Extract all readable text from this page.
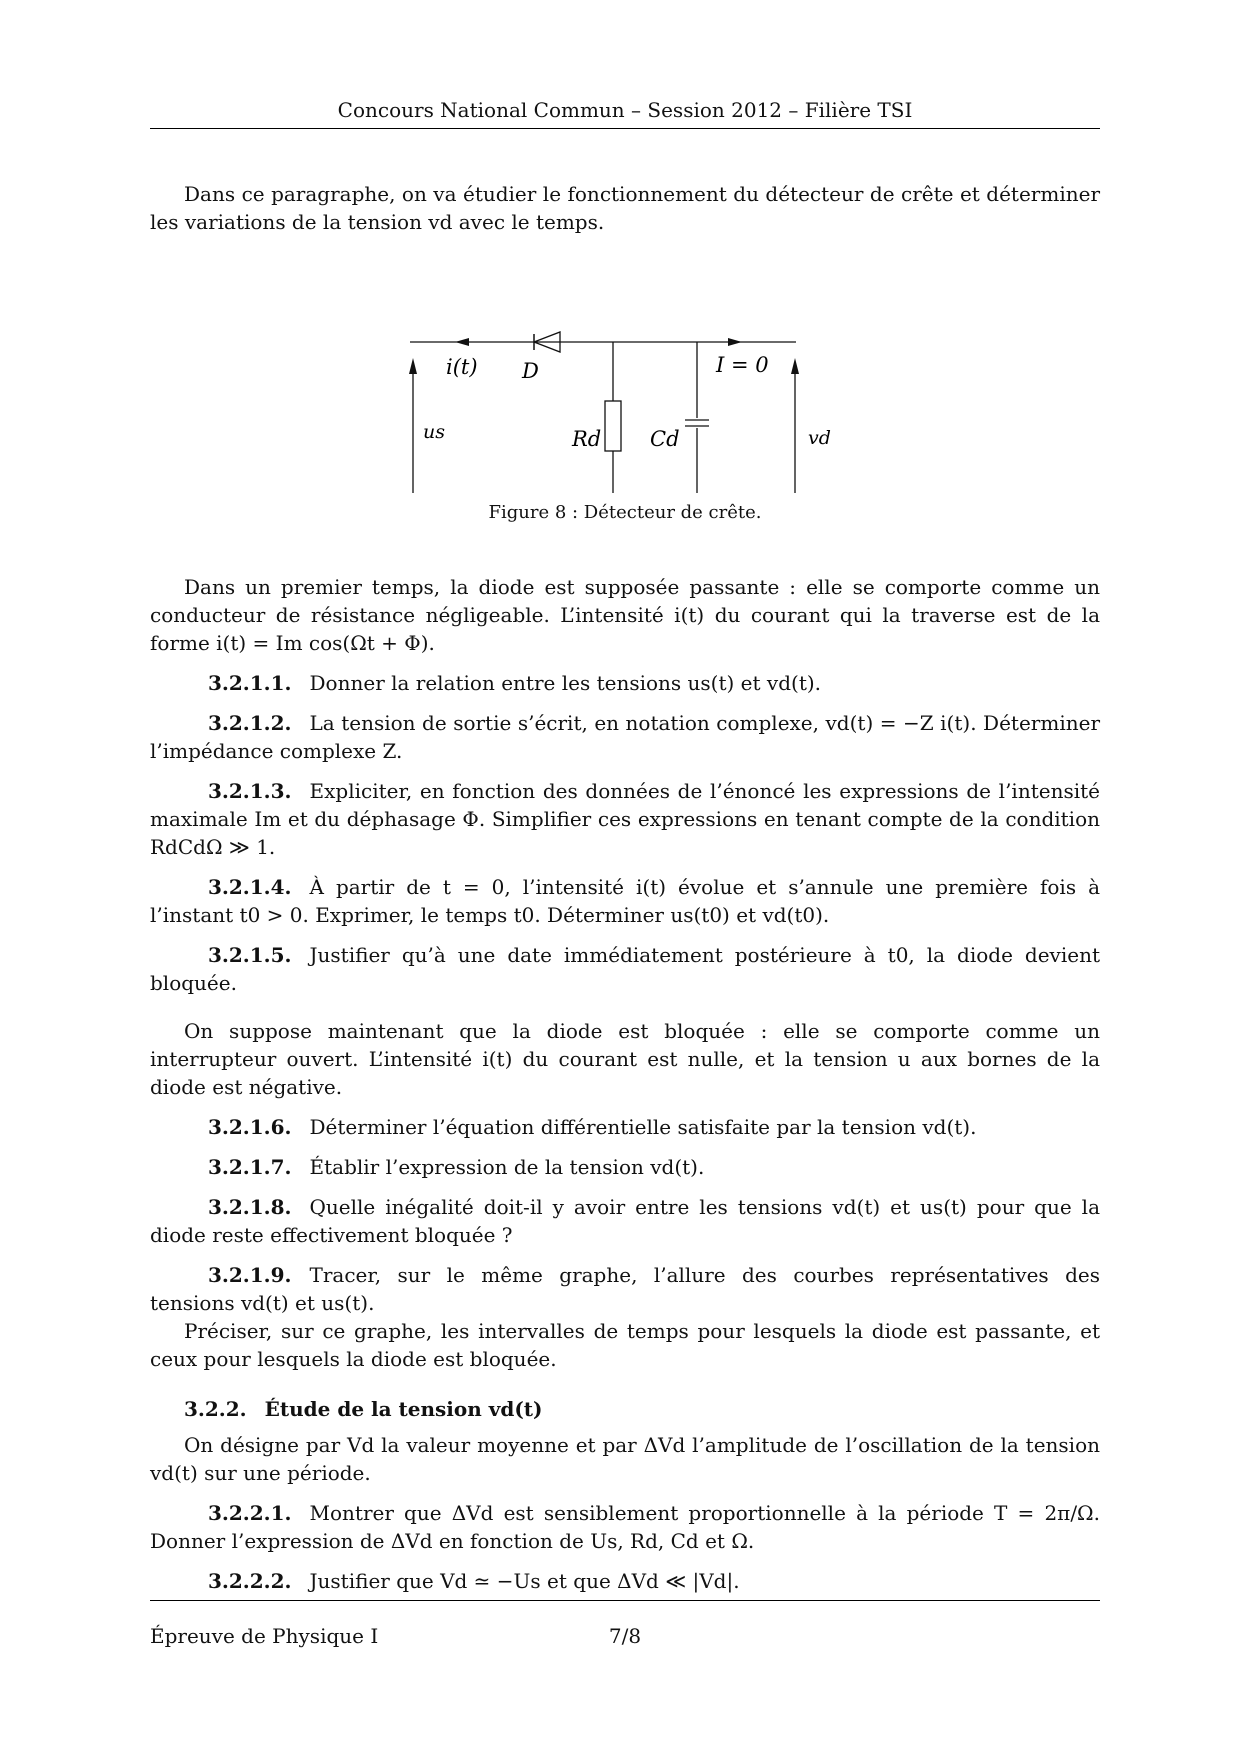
Concours National Commun – Session 2012 – Filière TSI

Dans ce paragraphe, on va étudier le fonctionnement du détecteur de crête et déterminer les variations de la tension vd avec le temps.

i(t) D	I = 0
us	Rd Cd	vd

Figure 8 : Détecteur de crête.

Dans un premier temps, la diode est supposée passante : elle se comporte comme un conducteur de résistance négligeable. L’intensité i(t) du courant qui la traverse est de la forme i(t) = Im cos(Ωt + Φ).

3.2.1.1. Donner la relation entre les tensions us(t) et vd(t).

3.2.1.2. La tension de sortie s’écrit, en notation complexe, vd(t) = −Z i(t). Déterminer l’impédance complexe Z.

3.2.1.3. Expliciter, en fonction des données de l’énoncé les expressions de l’intensité maximale Im et du déphasage Φ. Simplifier ces expressions en tenant compte de la condition RdCdΩ ≫ 1.

3.2.1.4. À partir de t = 0, l’intensité i(t) évolue et s’annule une première fois à l’instant t0 > 0. Exprimer, le temps t0. Déterminer us(t0) et vd(t0).

3.2.1.5. Justifier qu’à une date immédiatement postérieure à t0, la diode devient bloquée.

On suppose maintenant que la diode est bloquée : elle se comporte comme un interrupteur ouvert. L’intensité i(t) du courant est nulle, et la tension u aux bornes de la diode est négative.

3.2.1.6. Déterminer l’équation différentielle satisfaite par la tension vd(t).

3.2.1.7. Établir l’expression de la tension vd(t).

3.2.1.8. Quelle inégalité doit-il y avoir entre les tensions vd(t) et us(t) pour que la diode reste effectivement bloquée ?

3.2.1.9. Tracer, sur le même graphe, l’allure des courbes représentatives des tensions vd(t) et us(t).

Préciser, sur ce graphe, les intervalles de temps pour lesquels la diode est passante, et ceux pour lesquels la diode est bloquée.

3.2.2. Étude de la tension vd(t)

On désigne par Vd la valeur moyenne et par ΔVd l’amplitude de l’oscillation de la tension vd(t) sur une période.

3.2.2.1. Montrer que ΔVd est sensiblement proportionnelle à la période T = 2π/Ω. Donner l’expression de ΔVd en fonction de Us, Rd, Cd et Ω.

3.2.2.2. Justifier que Vd ≃ −Us et que ΔVd ≪ |Vd|.

Épreuve de Physique I	7/8
